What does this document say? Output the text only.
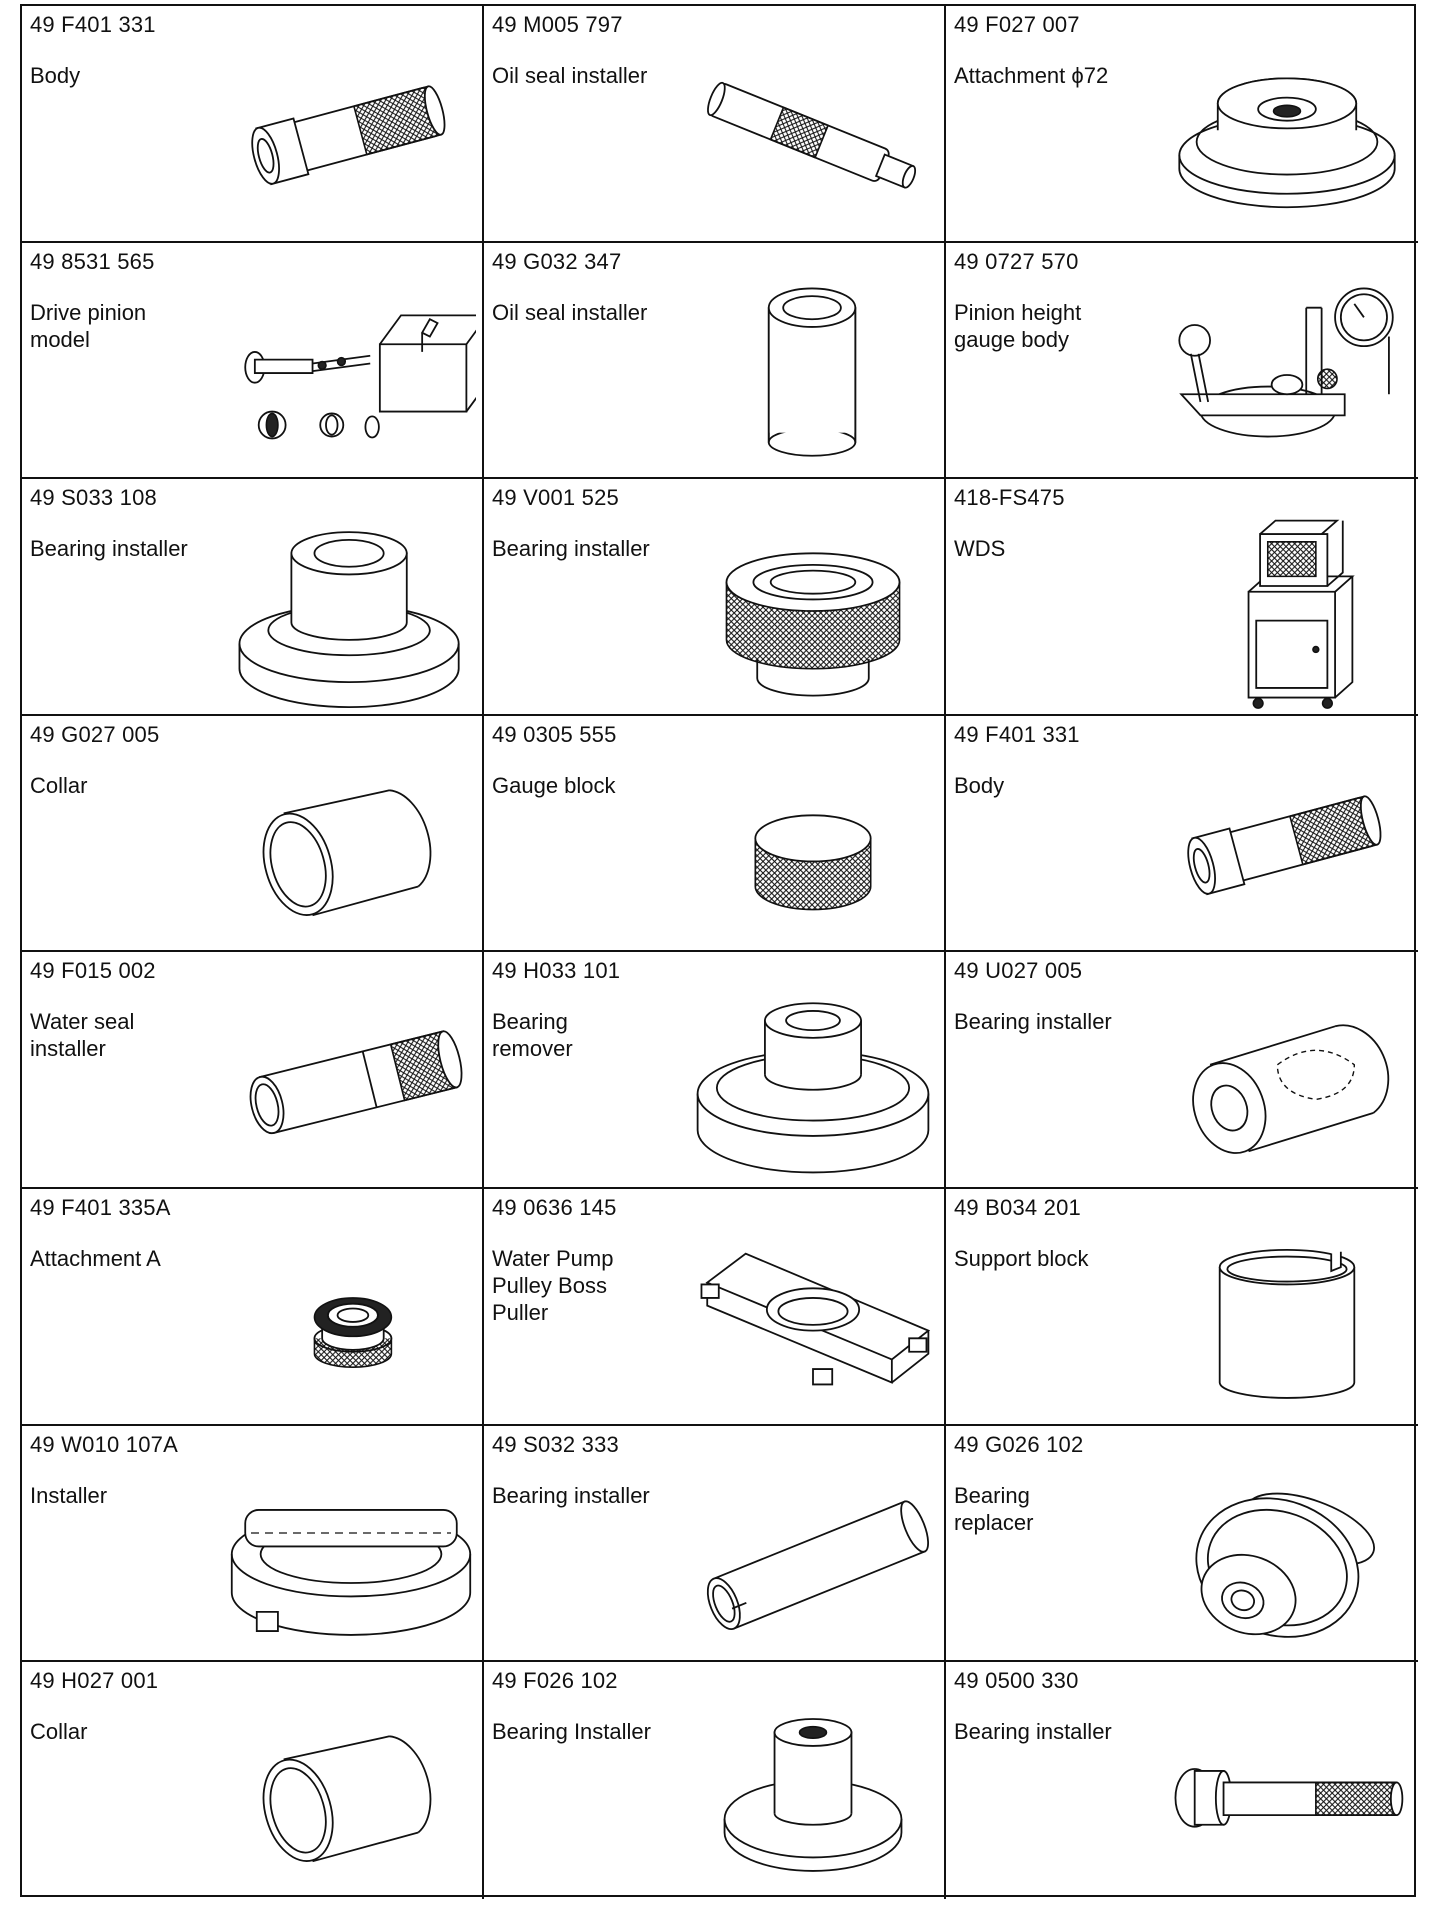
49 F401 331
Body
49 M005 797
Oil seal installer
49 F027 007
Attachment ϕ72
49 8531 565
Drive pinion
model
49 G032 347
Oil seal installer
49 0727 570
Pinion height
gauge body
49 S033 108
Bearing installer
49 V001 525
Bearing installer
418-FS475
WDS
49 G027 005
Collar
49 0305 555
Gauge block
49 F401 331
Body
49 F015 002
Water seal
installer
49 H033 101
Bearing
remover
49 U027 005
Bearing installer
49 F401 335A
Attachment A
49 0636 145
Water Pump
Pulley Boss
Puller
49 B034 201
Support block
49 W010 107A
Installer
49 S032 333
Bearing installer
49 G026 102
Bearing
replacer
49 H027 001
Collar
49 F026 102
Bearing Installer
49 0500 330
Bearing installer
